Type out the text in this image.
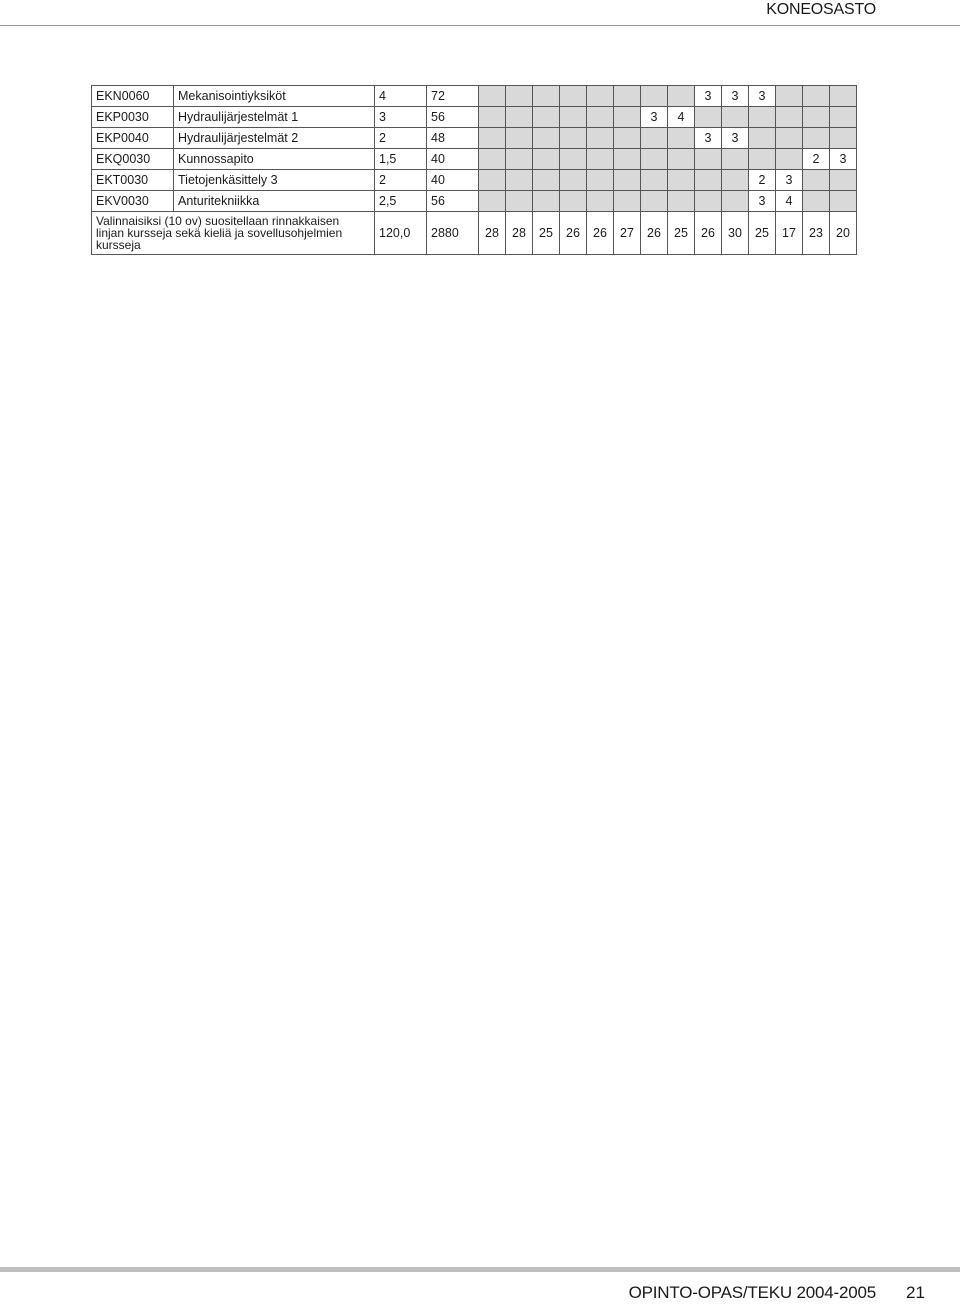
KONEOSASTO
EKN0060	Mekanisointiyksiköt	4	72									3	3	3			
EKP0030	Hydraulijärjestelmät 1	3	56							3	4						
EKP0040	Hydraulijärjestelmät 2	2	48									3	3				
EKQ0030	Kunnossapito	1,5	40													2	3
EKT0030	Tietojenkäsittely 3	2	40											2	3		
EKV0030	Anturitekniikka	2,5	56											3	4		
Valinnaisiksi (10 ov) suositellaan rinnakkaisen linjan kursseja sekä kieliä ja sovellusohjelmien kursseja		120,0	2880	28	28	25	26	26	27	26	25	26	30	25	17	23	20
OPINTO-OPAS/TEKU 2004-2005 21
